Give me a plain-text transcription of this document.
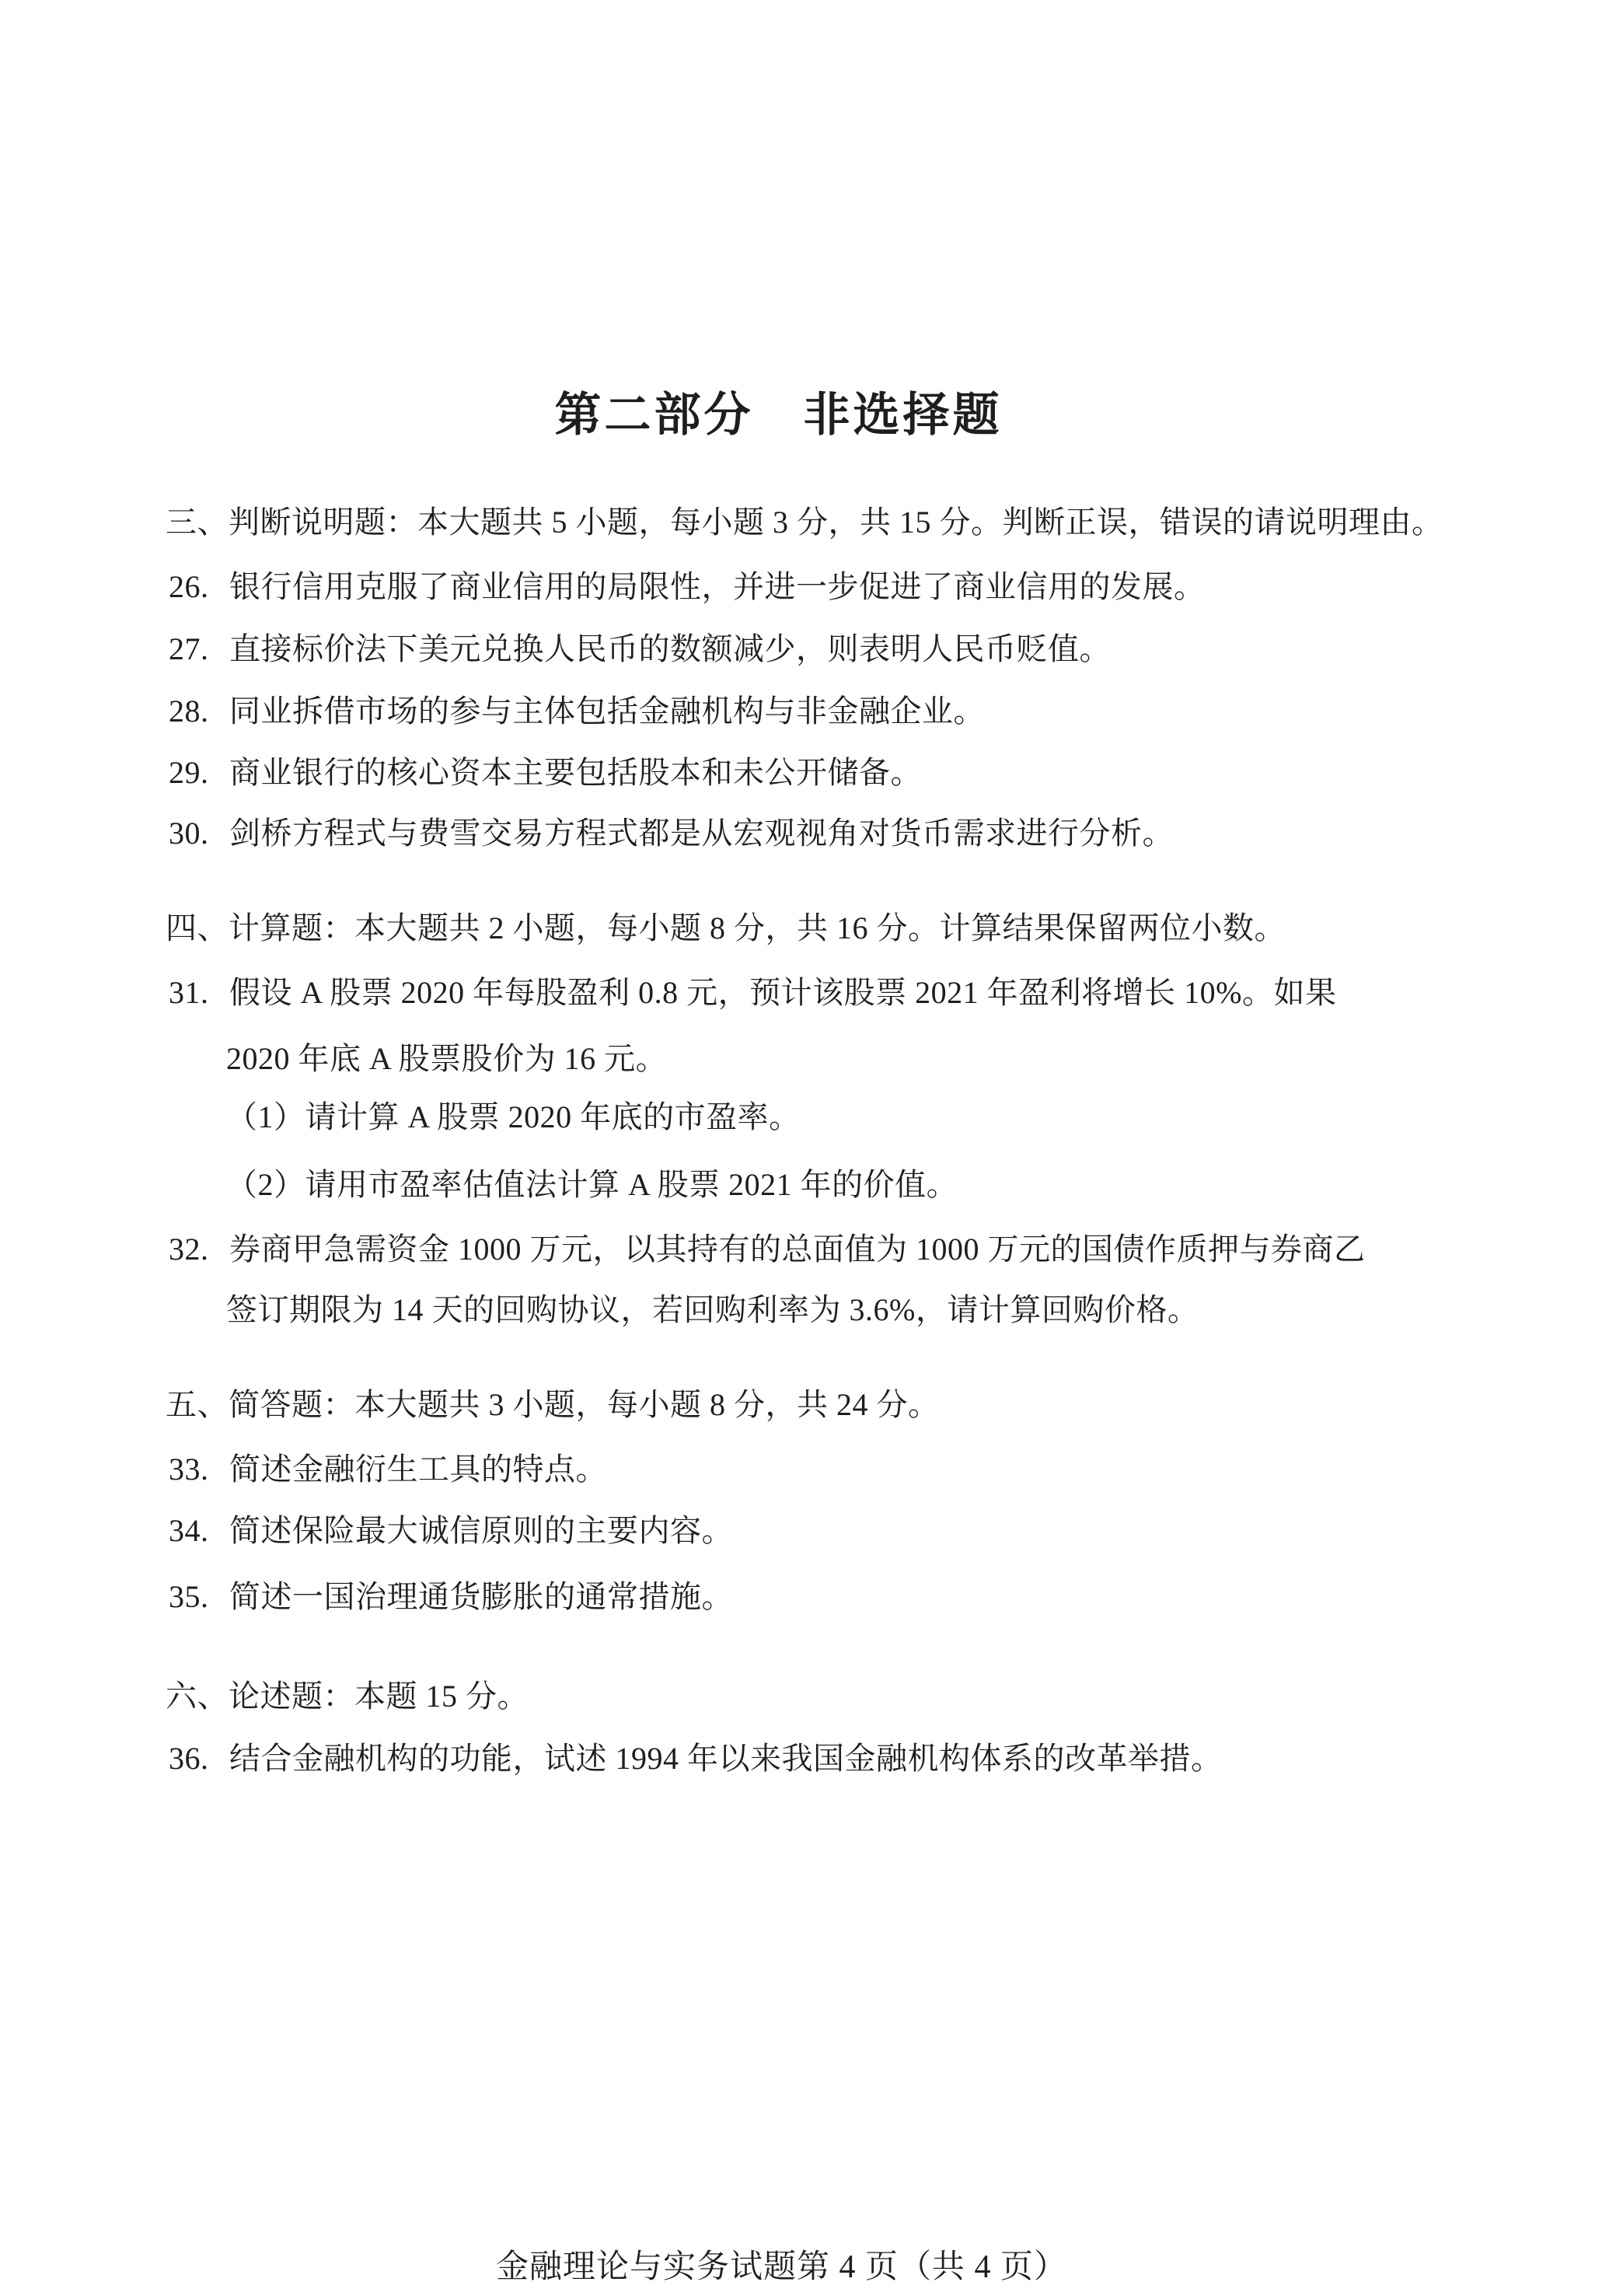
第二部分　非选择题
三、判断说明题：本大题共 5 小题，每小题 3 分，共 15 分。判断正误，错误的请说明理由。
26. 银行信用克服了商业信用的局限性，并进一步促进了商业信用的发展。
27. 直接标价法下美元兑换人民币的数额减少，则表明人民币贬值。
28. 同业拆借市场的参与主体包括金融机构与非金融企业。
29. 商业银行的核心资本主要包括股本和未公开储备。
30. 剑桥方程式与费雪交易方程式都是从宏观视角对货币需求进行分析。
四、计算题：本大题共 2 小题，每小题 8 分，共 16 分。计算结果保留两位小数。
31. 假设 A 股票 2020 年每股盈利 0.8 元，预计该股票 2021 年盈利将增长 10%。如果
2020 年底 A 股票股价为 16 元。
（1）请计算 A 股票 2020 年底的市盈率。
（2）请用市盈率估值法计算 A 股票 2021 年的价值。
32. 券商甲急需资金 1000 万元，以其持有的总面值为 1000 万元的国债作质押与券商乙
签订期限为 14 天的回购协议，若回购利率为 3.6%，请计算回购价格。
五、简答题：本大题共 3 小题，每小题 8 分，共 24 分。
33. 简述金融衍生工具的特点。
34. 简述保险最大诚信原则的主要内容。
35. 简述一国治理通货膨胀的通常措施。
六、论述题：本题 15 分。
36. 结合金融机构的功能，试述 1994 年以来我国金融机构体系的改革举措。
金融理论与实务试题第 4 页（共 4 页）
